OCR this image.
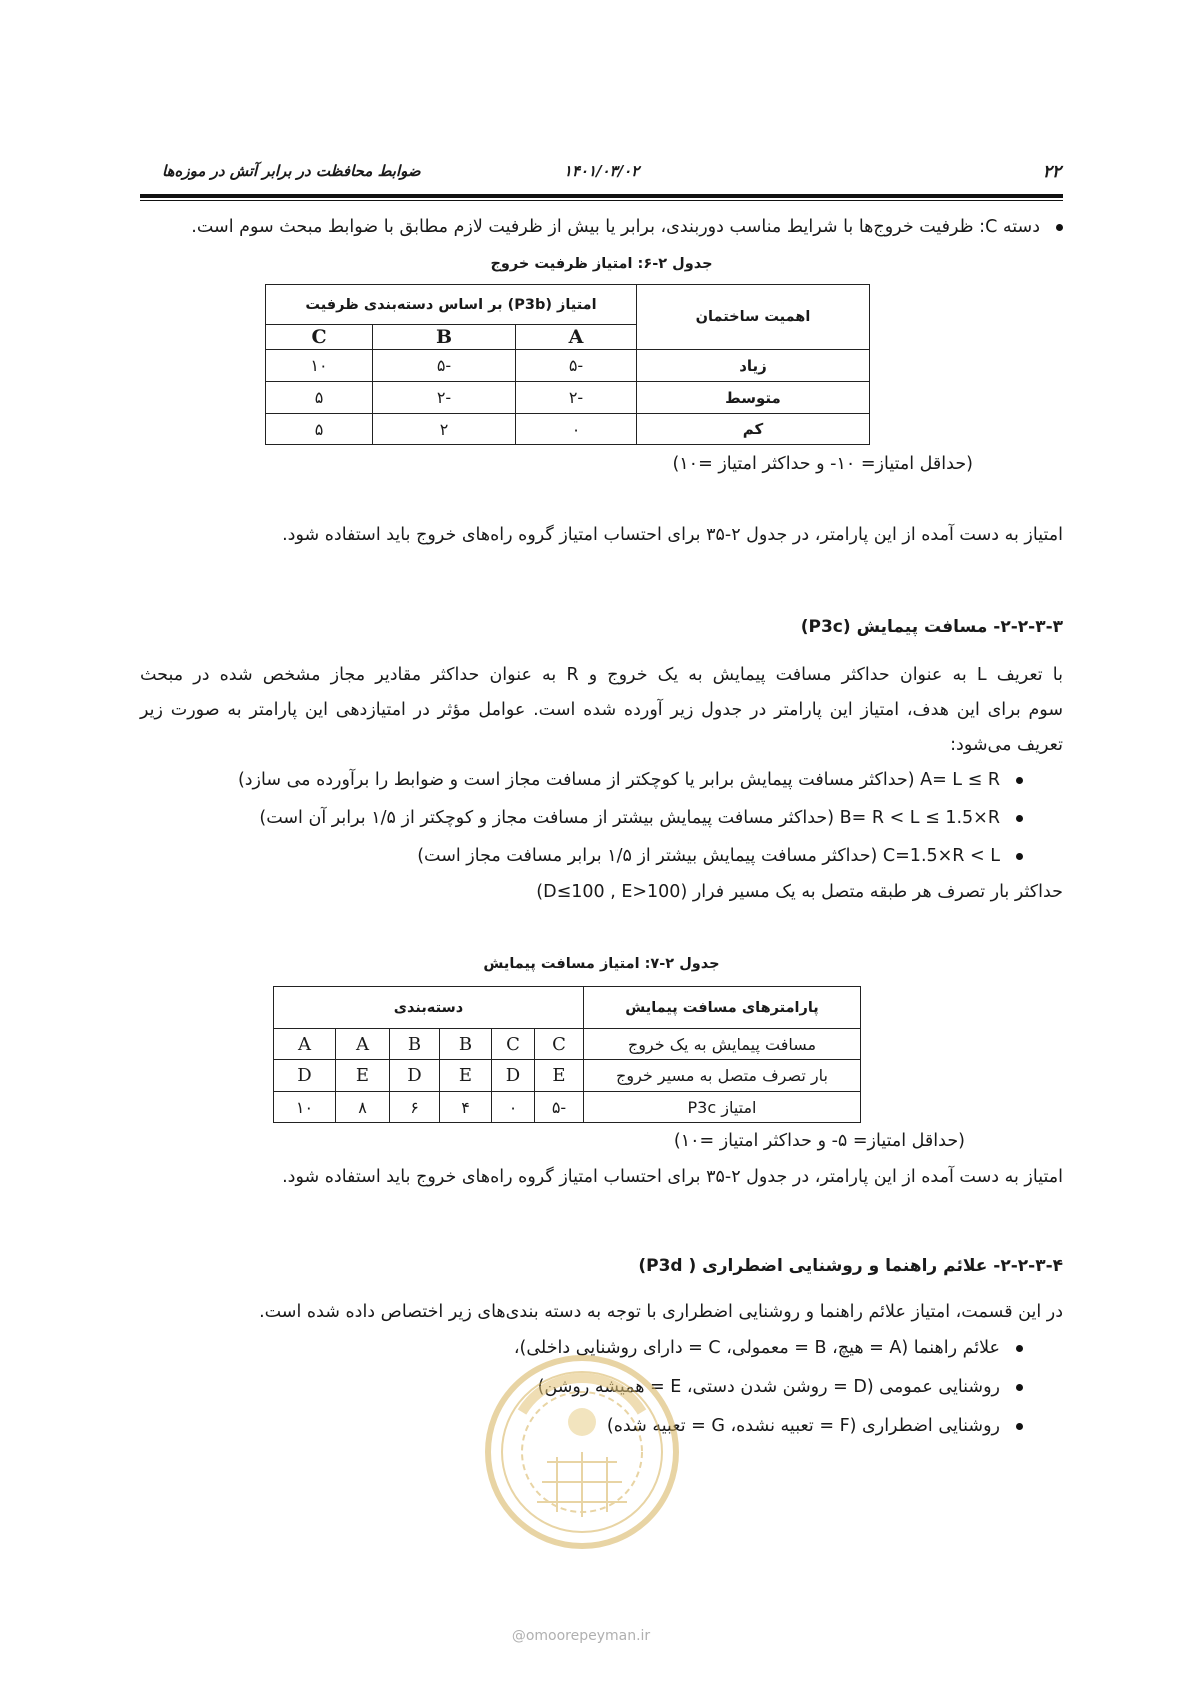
۲۲
۱۴۰۱/۰۳/۰۲
ضوابط محافظت در برابر آتش در موزه‌ها
دسته C: ظرفیت خروج‌ها با شرایط مناسب دوربندی، برابر یا بیش از ظرفیت لازم مطابق با ضوابط مبحث سوم است.
جدول ۲-۶: امتیاز ظرفیت خروج
اهمیت ساختمان	امتیاز (P3b) بر اساس دسته‌بندی ظرفیت		
	A	B	C
زیاد	-۵	-۵	۱۰
متوسط	-۲	-۲	۵
کم	۰	۲	۵
(حداقل امتیاز= ۱۰- و حداکثر امتیاز =۱۰)
امتیاز به دست آمده از این پارامتر، در جدول ۲-۳۵ برای احتساب امتیاز گروه راه‌های خروج باید استفاده شود.
۲-۲-۳-۳- مسافت پیمایش (P3c)
با تعریف L به عنوان حداکثر مسافت پیمایش به یک خروج و R به عنوان حداکثر مقادیر مجاز مشخص شده در مبحث
سوم برای این هدف، امتیاز این پارامتر در جدول زیر آورده شده است. عوامل مؤثر در امتیازدهی این پارامتر به صورت زیر
تعریف می‌شود:
A= L ≤ R (حداکثر مسافت پیمایش برابر یا کوچکتر از مسافت مجاز است و ضوابط را برآورده می سازد)
B= R < L ≤ 1.5×R (حداکثر مسافت پیمایش بیشتر از مسافت مجاز و کوچکتر از ۱/۵ برابر آن است)
C=1.5×R < L (حداکثر مسافت پیمایش بیشتر از ۱/۵ برابر مسافت مجاز است)
حداکثر بار تصرف هر طبقه متصل به یک مسیر فرار (D≤100 , E>100)
جدول ۲-۷: امتیاز مسافت پیمایش
پارامترهای مسافت پیمایش	دسته‌بندی					
مسافت پیمایش به یک خروج	C	C	B	B	A	A
بار تصرف متصل به مسیر خروج	E	D	E	D	E	D
امتیاز P3c	-۵	۰	۴	۶	۸	۱۰
(حداقل امتیاز= ۵- و حداکثر امتیاز =۱۰)
امتیاز به دست آمده از این پارامتر، در جدول ۲-۳۵ برای احتساب امتیاز گروه راه‌های خروج باید استفاده شود.
۲-۲-۳-۴- علائم راهنما و روشنایی اضطراری ( P3d)
در این قسمت، امتیاز علائم راهنما و روشنایی اضطراری با توجه به دسته بندی‌های زیر اختصاص داده شده است.
علائم راهنما (A = هیچ، B = معمولی، C = دارای روشنایی داخلی)،
روشنایی عمومی (D = روشن شدن دستی، E = همیشه روشن)
روشنایی اضطراری (F = تعبیه نشده، G = تعبیه شده)
@omoorepeyman.ir
